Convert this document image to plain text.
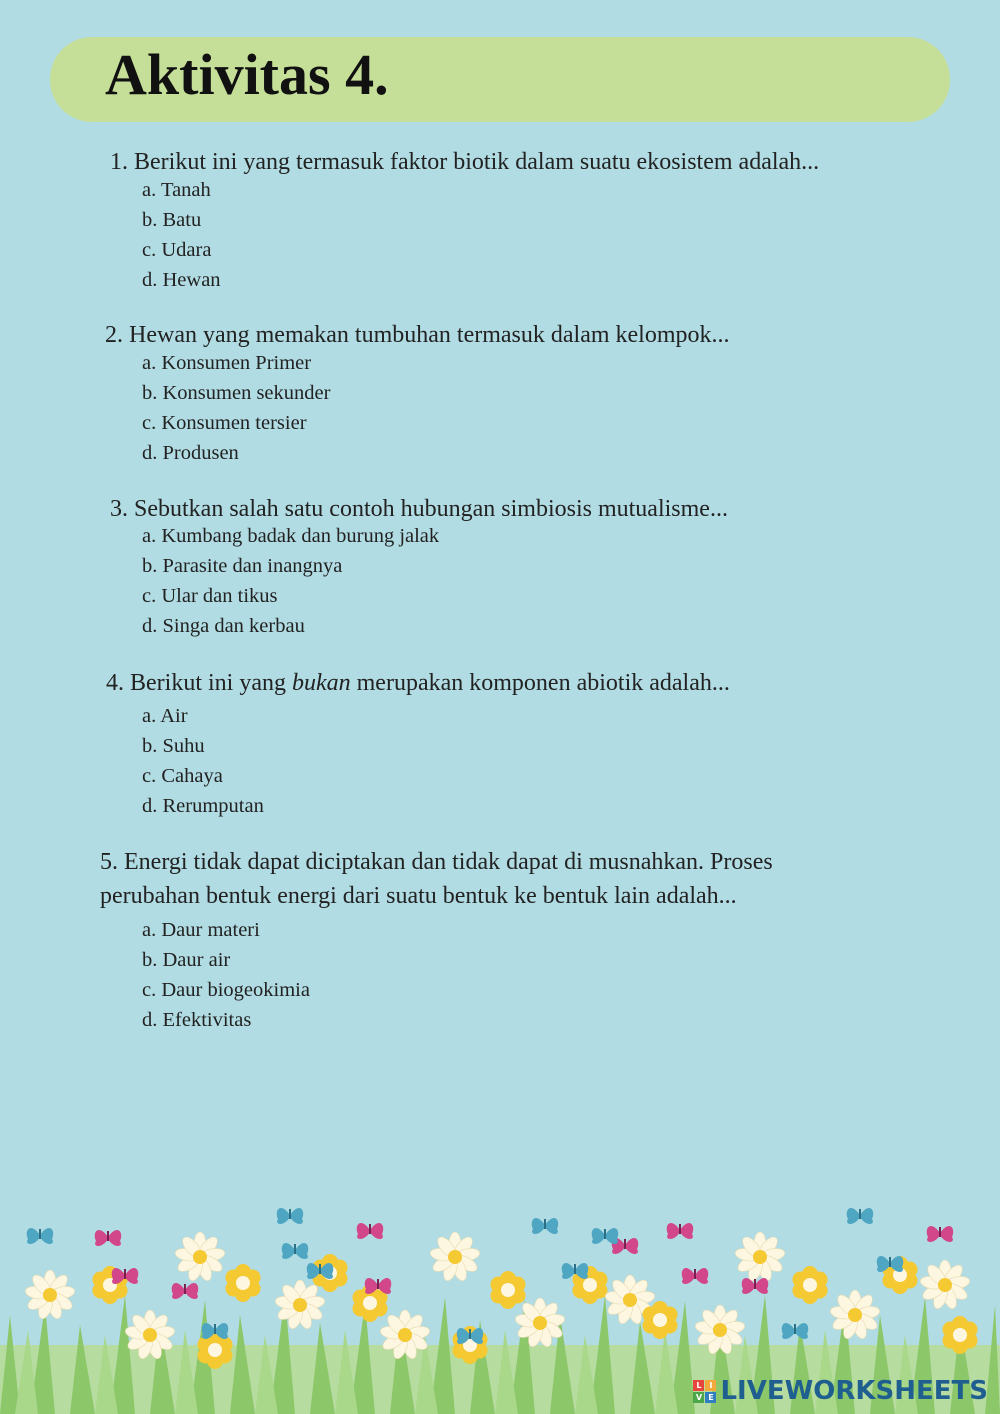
Aktivitas 4.
1. Berikut ini yang termasuk faktor biotik dalam suatu ekosistem adalah...
a. Tanah
b. Batu
c. Udara
d. Hewan
2. Hewan yang memakan tumbuhan termasuk dalam kelompok...
a. Konsumen Primer
b. Konsumen sekunder
c. Konsumen tersier
d. Produsen
3. Sebutkan salah satu contoh hubungan simbiosis mutualisme...
a. Kumbang badak dan burung jalak
b. Parasite dan inangnya
c. Ular dan tikus
d. Singa dan kerbau
4. Berikut ini yang bukan merupakan komponen abiotik adalah...
a. Air
b. Suhu
c. Cahaya
d. Rerumputan
5. Energi tidak dapat diciptakan dan tidak dapat di musnahkan. Proses
perubahan bentuk energi dari suatu bentuk ke bentuk lain adalah...
a. Daur materi
b. Daur air
c. Daur biogeokimia
d. Efektivitas
L I
V E LIVEWORKSHEETS
